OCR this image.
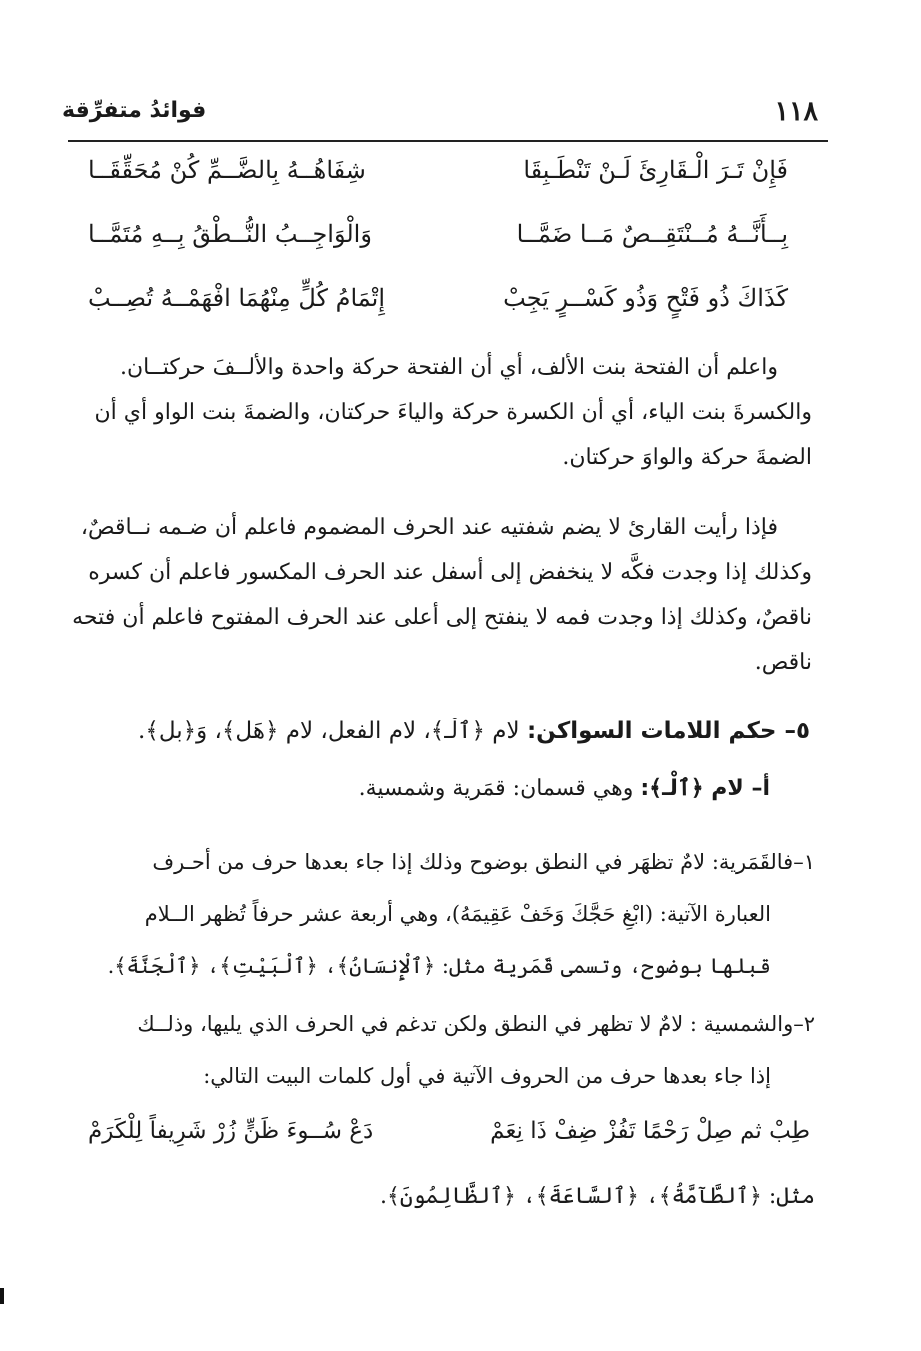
١١٨
فوائدُ متفرِّقة
فَإِنْ تَـرَ الْـقَارِئَ لَـنْ تَنْطَـبِقَا
شِفَاهُــهُ بِالضَّــمِّ كُنْ مُحَقِّقَــا
بِــأَنَّــهُ مُــنْتَقِــصٌ مَــا ضَمَّــا
وَالْوَاجِــبُ النُّــطْقُ بِــهِ مُتَمَّــا
كَذَاكَ ذُو فَتْحٍ وَذُو كَسْــرٍ يَجِبْ
إِتْمَامُ كُلٍّ مِنْهُمَا افْهَمْــهُ تُصِــبْ
واعلم أن الفتحة بنت الألف، أي أن الفتحة حركة واحدة والألــفَ حركتــان.
والكسرةَ بنت الياء، أي أن الكسرة حركة والياءَ حركتان، والضمةَ بنت الواو أي أن
الضمةَ حركة والواوَ حركتان.
فإذا رأيت القارئ لا يضم شفتيه عند الحرف المضموم فاعلم أن ضـمه نــاقصٌ،
وكذلك إذا وجدت فكَّه لا ينخفض إلى أسفل عند الحرف المكسور فاعلم أن كسره
ناقصٌ، وكذلك إذا وجدت فمه لا ينفتح إلى أعلى عند الحرف المفتوح فاعلم أن فتحه
ناقص.
٥– حكم اللامات السواكن: لام ﴿ٱلْـ﴾، لام الفعل، لام ﴿هَل﴾، وَ﴿بل﴾.
أ– لام ﴿ٱلْـ﴾: وهي قسمان: قمَرية وشمسية.
١–فالقَمَرية: لامٌ تظهَر في النطق بوضوح وذلك إذا جاء بعدها حرف من أحـرف
العبارة الآتية: (ابْغِ حَجَّكَ وَخَفْ عَقِيمَهُ)، وهي أربعة عشر حرفاً تُظهر الــلام
قبلها بوضوح، وتسمى قَمَرية مثل: ﴿ٱلْإِنسَانُ﴾، ﴿ٱلْبَيْتِ﴾، ﴿ٱلْجَنَّةَ﴾.
٢–والشمسية : لامٌ لا تظهر في النطق ولكن تدغم في الحرف الذي يليها، وذلــك
إذا جاء بعدها حرف من الحروف الآتية في أول كلمات البيت التالي:
طِبْ ثم صِلْ رَحْمًا تَفُزْ ضِفْ ذَا نِعَمْ
دَعْ سُــوءَ ظَنٍّ زُرْ شَرِيفاً لِلْكَرَمْ
مثل: ﴿ٱلطَّآمَّةُ﴾، ﴿ٱلسَّاعَةَ﴾، ﴿ٱلظَّالِمُونَ﴾.
